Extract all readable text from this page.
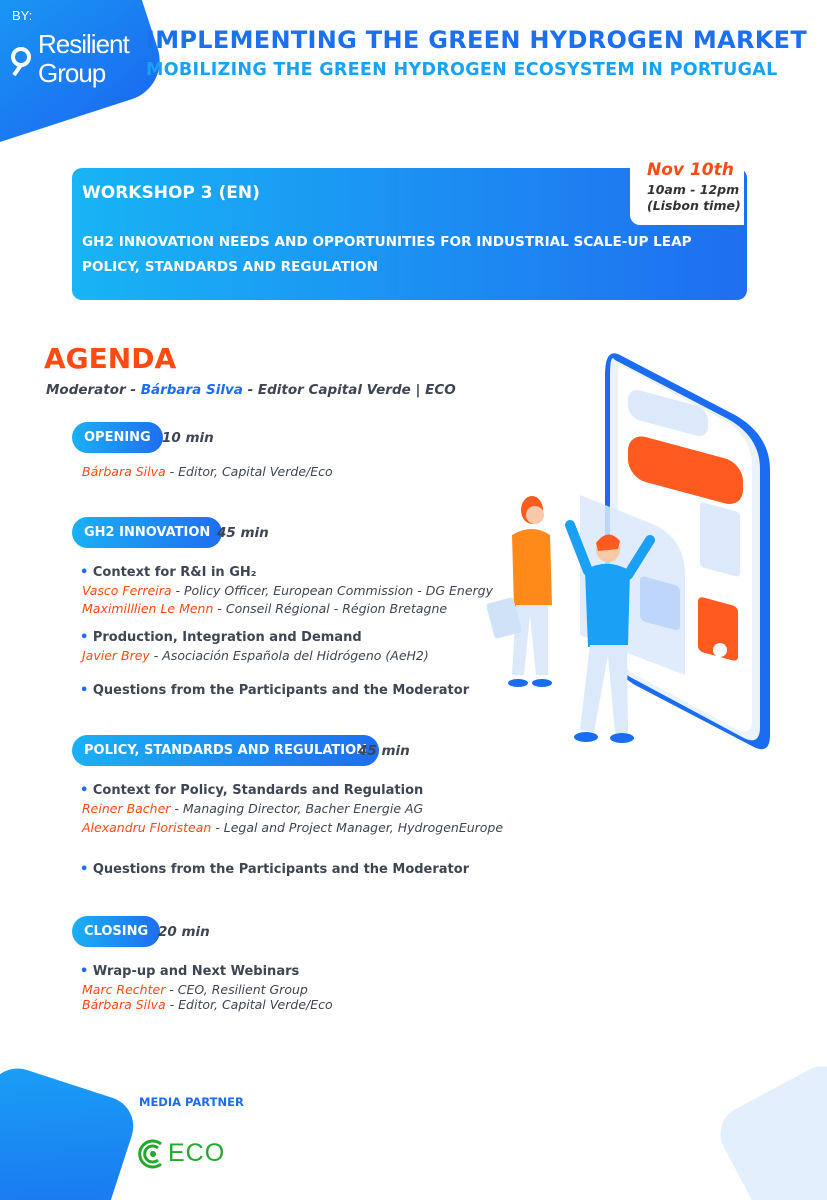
BY:
Resilient
Group
IMPLEMENTING THE GREEN HYDROGEN MARKET
MOBILIZING THE GREEN HYDROGEN ECOSYSTEM IN PORTUGAL
WORKSHOP 3 (EN)
GH2 INNOVATION NEEDS AND OPPORTUNITIES FOR INDUSTRIAL SCALE-UP LEAP
POLICY, STANDARDS AND REGULATION
Nov 10th
10am - 12pm
(Lisbon time)
AGENDA
Moderator - Bárbara Silva - Editor Capital Verde | ECO
OPENING 10 min
Bárbara Silva - Editor, Capital Verde/Eco
GH2 INNOVATION 45 min
• Context for R&I in GH₂
Vasco Ferreira - Policy Officer, European Commission - DG Energy
Maximilllien Le Menn - Conseil Régional - Région Bretagne
• Production, Integration and Demand
Javier Brey - Asociación Española del Hidrógeno (AeH2)
• Questions from the Participants and the Moderator
POLICY, STANDARDS AND REGULATION
45 min
• Context for Policy, Standards and Regulation
Reiner Bacher - Managing Director, Bacher Energie AG
Alexandru Floristean - Legal and Project Manager, HydrogenEurope
• Questions from the Participants and the Moderator
CLOSING 20 min
• Wrap-up and Next Webinars
Marc Rechter - CEO, Resilient Group
Bárbara Silva - Editor, Capital Verde/Eco
MEDIA PARTNER
ECO
